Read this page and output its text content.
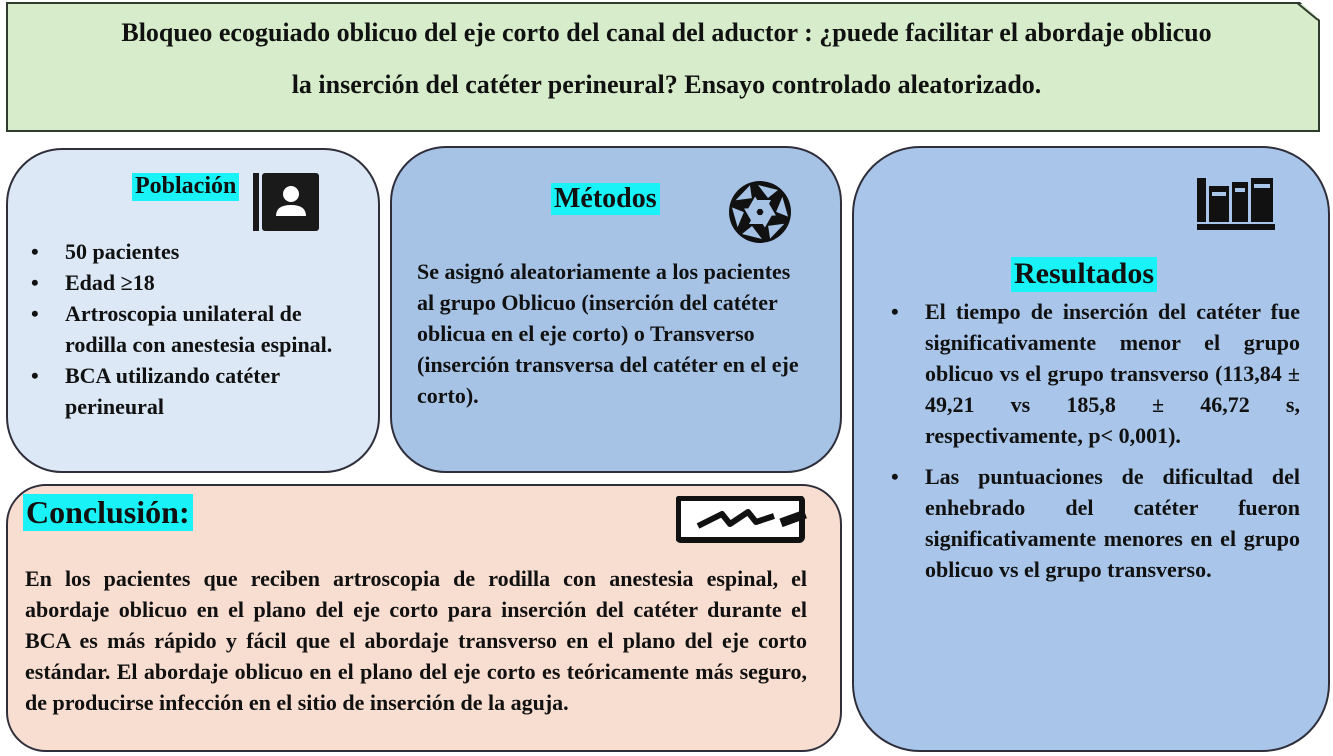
Bloqueo ecoguiado oblicuo del eje corto del canal del aductor : ¿puede facilitar el abordaje oblicuo
la inserción del catéter perineural? Ensayo controlado aleatorizado.
Población
• 50 pacientes
• Edad ≥18
• Artroscopia unilateral de rodilla con anestesia espinal.
• BCA utilizando catéter perineural
Métodos

Se asignó aleatoriamente a los pacientes al grupo Oblicuo (inserción del catéter oblicua en el eje corto) o Transverso (inserción transversa del catéter en el eje corto).

Resultados
• El tiempo de inserción del catéter fue significativamente menor el grupo oblicuo vs el grupo transverso (113,84 ± 49,21 vs 185,8 ± 46,72 s, respectivamente, p< 0,001).
• Las puntuaciones de dificultad del enhebrado del catéter fueron significativamente menores en el grupo oblicuo vs el grupo transverso.
Conclusión:

En los pacientes que reciben artroscopia de rodilla con anestesia espinal, el abordaje oblicuo en el plano del eje corto para inserción del catéter durante el BCA es más rápido y fácil que el abordaje transverso en el plano del eje corto estándar. El abordaje oblicuo en el plano del eje corto es teóricamente más seguro, de producirse infección en el sitio de inserción de la aguja.
